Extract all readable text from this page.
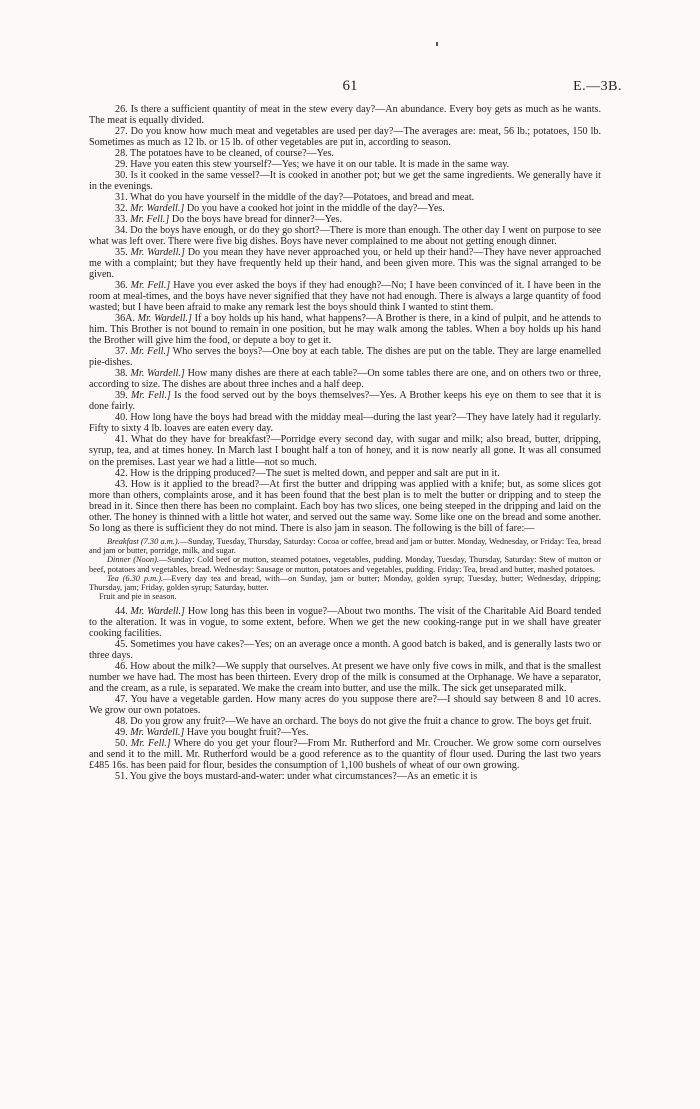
61	E.—3B.

26. Is there a sufficient quantity of meat in the stew every day?—An abundance. Every boy gets as much as he wants. The meat is equally divided.

27. Do you know how much meat and vegetables are used per day?—The averages are: meat, 56 lb.; potatoes, 150 lb. Sometimes as much as 12 lb. or 15 lb. of other vegetables are put in, according to season.

28. The potatoes have to be cleaned, of course?—Yes.

29. Have you eaten this stew yourself?—Yes; we have it on our table. It is made in the same way.

30. Is it cooked in the same vessel?—It is cooked in another pot; but we get the same ingredients. We generally have it in the evenings.

31. What do you have yourself in the middle of the day?—Potatoes, and bread and meat.

32. Mr. Wardell.] Do you have a cooked hot joint in the middle of the day?—Yes.

33. Mr. Fell.] Do the boys have bread for dinner?—Yes.

34. Do the boys have enough, or do they go short?—There is more than enough. The other day I went on purpose to see what was left over. There were five big dishes. Boys have never complained to me about not getting enough dinner.

35. Mr. Wardell.] Do you mean they have never approached you, or held up their hand?—They have never approached me with a complaint; but they have frequently held up their hand, and been given more. This was the signal arranged to be given.

36. Mr. Fell.] Have you ever asked the boys if they had enough?—No; I have been convinced of it. I have been in the room at meal-times, and the boys have never signified that they have not had enough. There is always a large quantity of food wasted; but I have been afraid to make any remark lest the boys should think I wanted to stint them.

36A. Mr. Wardell.] If a boy holds up his hand, what happens?—A Brother is there, in a kind of pulpit, and he attends to him. This Brother is not bound to remain in one position, but he may walk among the tables. When a boy holds up his hand the Brother will give him the food, or depute a boy to get it.

37. Mr. Fell.] Who serves the boys?—One boy at each table. The dishes are put on the table. They are large enamelled pie-dishes.

38. Mr. Wardell.] How many dishes are there at each table?—On some tables there are one, and on others two or three, according to size. The dishes are about three inches and a half deep.

39. Mr. Fell.] Is the food served out by the boys themselves?—Yes. A Brother keeps his eye on them to see that it is done fairly.

40. How long have the boys had bread with the midday meal—during the last year?—They have lately had it regularly. Fifty to sixty 4 lb. loaves are eaten every day.

41. What do they have for breakfast?—Porridge every second day, with sugar and milk; also bread, butter, dripping, syrup, tea, and at times honey. In March last I bought half a ton of honey, and it is now nearly all gone. It was all consumed on the premises. Last year we had a little—not so much.

42. How is the dripping produced?—The suet is melted down, and pepper and salt are put in it.

43. How is it applied to the bread?—At first the butter and dripping was applied with a knife; but, as some slices got more than others, complaints arose, and it has been found that the best plan is to melt the butter or dripping and to steep the bread in it. Since then there has been no complaint. Each boy has two slices, one being steeped in the dripping and laid on the other. The honey is thinned with a little hot water, and served out the same way. Some like one on the bread and some another. So long as there is sufficient they do not mind. There is also jam in season. The following is the bill of fare:—

Breakfast (7.30 a.m.).—Sunday, Tuesday, Thursday, Saturday: Cocoa or coffee, bread and jam or butter. Monday, Wednesday, or Friday: Tea, bread and jam or butter, porridge, milk, and sugar.

Dinner (Noon).—Sunday: Cold beef or mutton, steamed potatoes, vegetables, pudding. Monday, Tuesday, Thursday, Saturday: Stew of mutton or beef, potatoes and vegetables, bread. Wednesday: Sausage or mutton, potatoes and vegetables, pudding. Friday: Tea, bread and butter, mashed potatoes.

Tea (6.30 p.m.).—Every day tea and bread, with—on Sunday, jam or butter; Monday, golden syrup; Tuesday, butter; Wednesday, dripping; Thursday, jam; Friday, golden syrup; Saturday, butter.

Fruit and pie in season.

44. Mr. Wardell.] How long has this been in vogue?—About two months. The visit of the Charitable Aid Board tended to the alteration. It was in vogue, to some extent, before. When we get the new cooking-range put in we shall have greater cooking facilities.

45. Sometimes you have cakes?—Yes; on an average once a month. A good batch is baked, and is generally lasts two or three days.

46. How about the milk?—We supply that ourselves. At present we have only five cows in milk, and that is the smallest number we have had. The most has been thirteen. Every drop of the milk is consumed at the Orphanage. We have a separator, and the cream, as a rule, is separated. We make the cream into butter, and use the milk. The sick get unseparated milk.

47. You have a vegetable garden. How many acres do you suppose there are?—I should say between 8 and 10 acres. We grow our own potatoes.

48. Do you grow any fruit?—We have an orchard. The boys do not give the fruit a chance to grow. The boys get fruit.

49. Mr. Wardell.] Have you bought fruit?—Yes.

50. Mr. Fell.] Where do you get your flour?—From Mr. Rutherford and Mr. Croucher. We grow some corn ourselves and send it to the mill. Mr. Rutherford would be a good reference as to the quantity of flour used. During the last two years £485 16s. has been paid for flour, besides the consumption of 1,100 bushels of wheat of our own growing.

51. You give the boys mustard-and-water: under what circumstances?—As an emetic it is
